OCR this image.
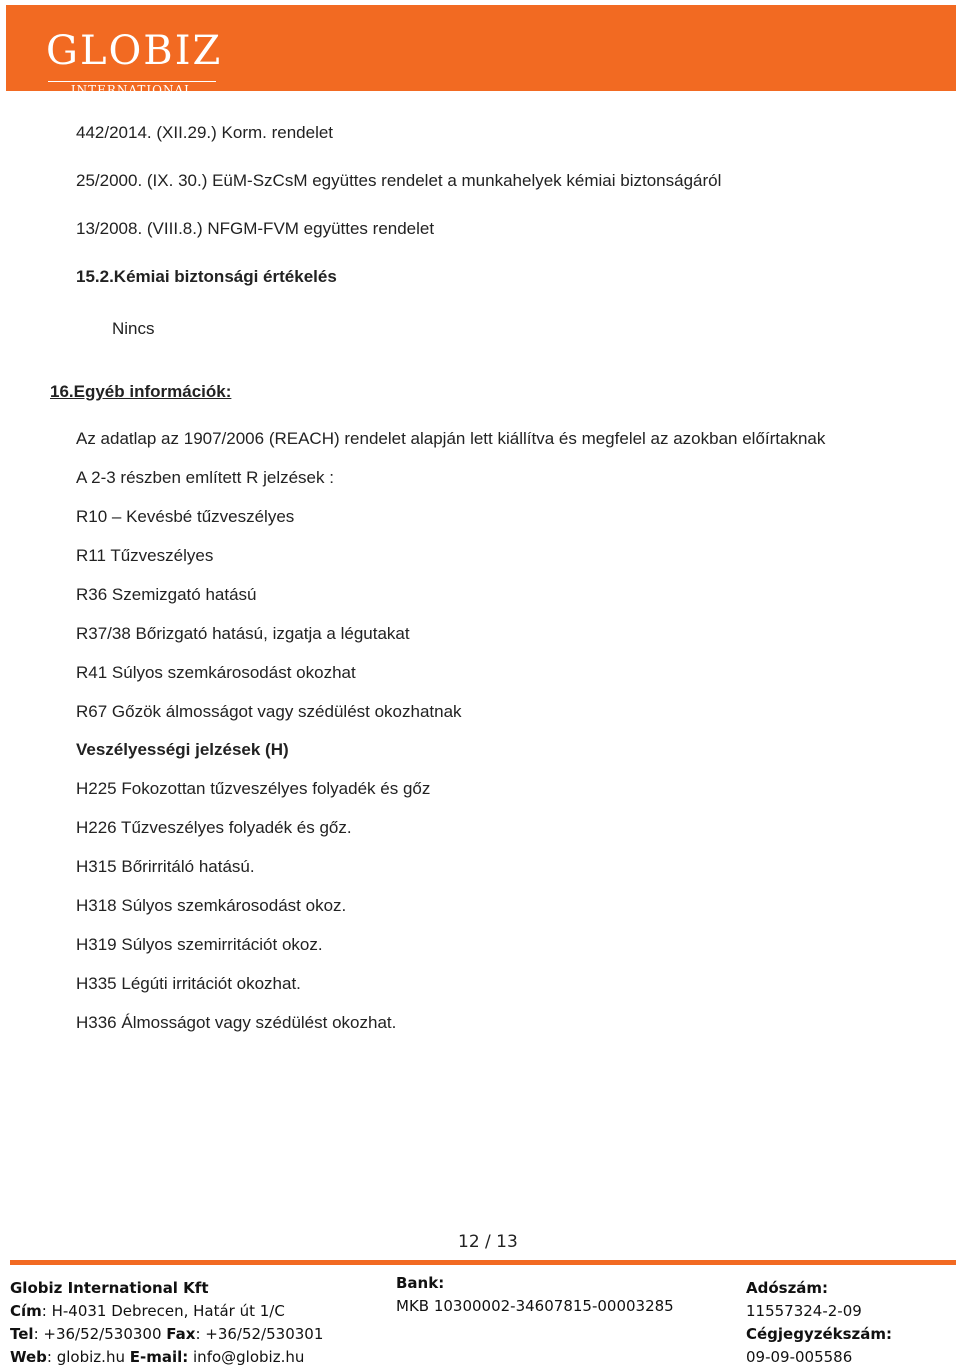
GLOBIZ
INTERNATIONAL
442/2014. (XII.29.) Korm. rendelet
25/2000. (IX. 30.) EüM-SzCsM együttes rendelet a munkahelyek kémiai biztonságáról
13/2008. (VIII.8.) NFGM-FVM együttes rendelet
15.2.Kémiai biztonsági értékelés
Nincs
16.Egyéb információk:
Az adatlap az 1907/2006 (REACH) rendelet alapján lett kiállítva és megfelel az azokban előírtaknak
A 2-3 részben említett R jelzések :
R10 – Kevésbé tűzveszélyes
R11 Tűzveszélyes
R36 Szemizgató hatású
R37/38 Bőrizgató hatású, izgatja a légutakat
R41 Súlyos szemkárosodást okozhat
R67 Gőzök álmosságot vagy szédülést okozhatnak
Veszélyességi jelzések (H)
H225 Fokozottan tűzveszélyes folyadék és gőz
H226 Tűzveszélyes folyadék és gőz.
H315 Bőrirritáló hatású.
H318 Súlyos szemkárosodást okoz.
H319 Súlyos szemirritációt okoz.
H335 Légúti irritációt okozhat.
H336 Álmosságot vagy szédülést okozhat.
12 / 13
Globiz International Kft
Cím: H-4031 Debrecen, Határ út 1/C
Tel: +36/52/530300 Fax: +36/52/530301
Web: globiz.hu E-mail: info@globiz.hu
Bank:
MKB 10300002-34607815-00003285
Adószám:
11557324-2-09
Cégjegyzékszám:
09-09-005586
